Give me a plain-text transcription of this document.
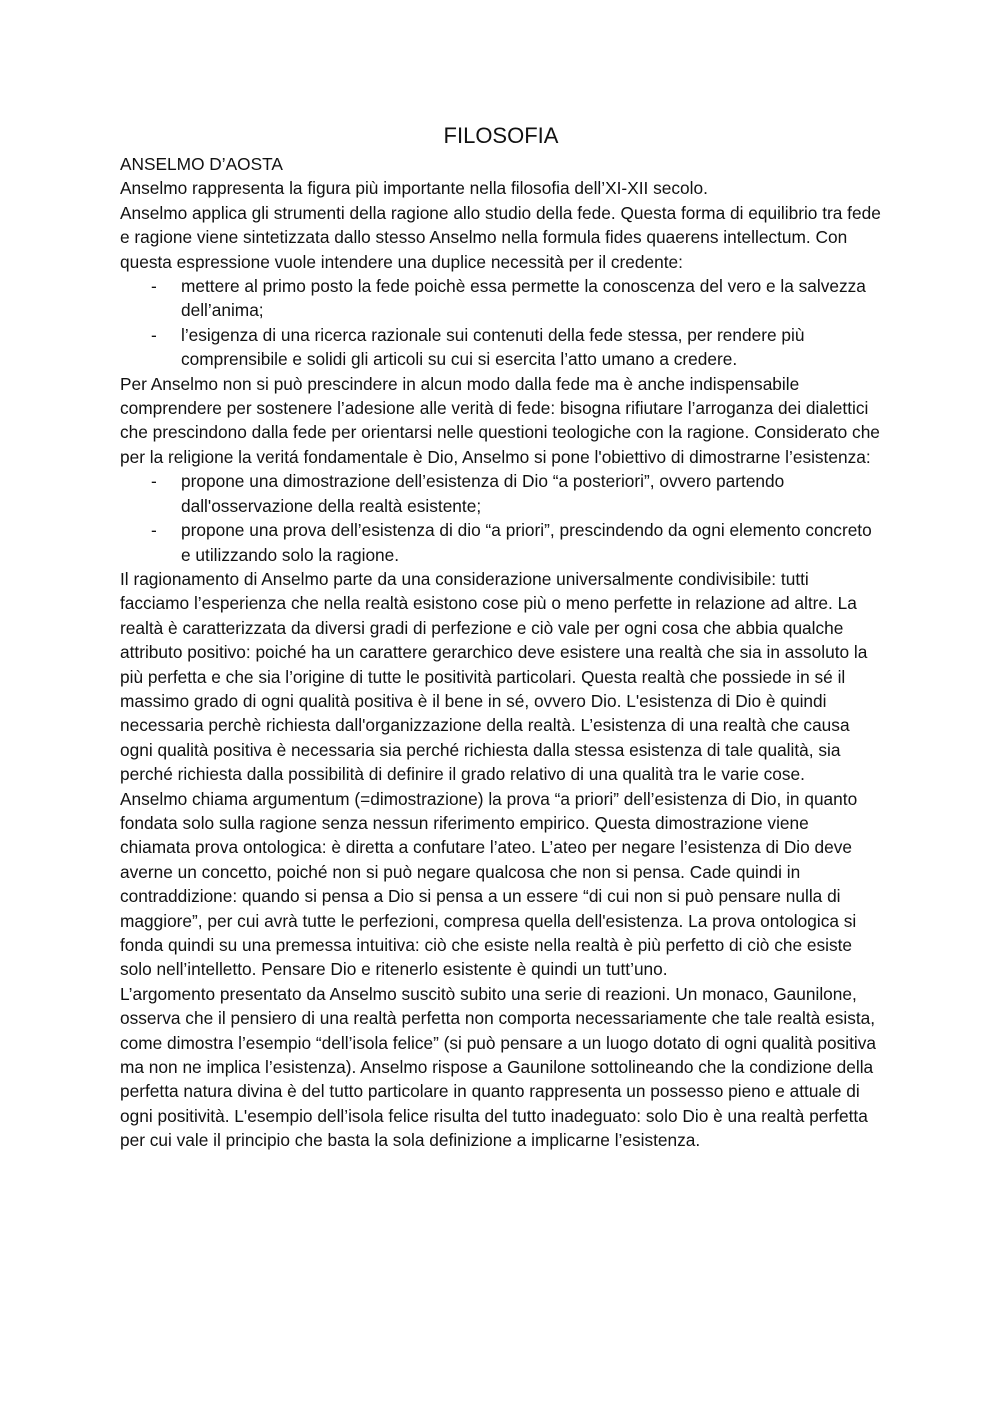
FILOSOFIA

ANSELMO D’AOSTA

Anselmo rappresenta la figura più importante nella filosofia dell’XI-XII secolo.

Anselmo applica gli strumenti della ragione allo studio della fede. Questa forma di equilibrio tra fede e ragione viene sintetizzata dallo stesso Anselmo nella formula fides quaerens intellectum. Con questa espressione vuole intendere una duplice necessità per il credente:

- mettere al primo posto la fede poichè essa permette la conoscenza del vero e la salvezza dell’anima;
- l’esigenza di una ricerca razionale sui contenuti della fede stessa, per rendere più comprensibile e solidi gli articoli su cui si esercita l’atto umano a credere.

Per Anselmo non si può prescindere in alcun modo dalla fede ma è anche indispensabile comprendere per sostenere l’adesione alle verità di fede: bisogna rifiutare l’arroganza dei dialettici che prescindono dalla fede per orientarsi nelle questioni teologiche con la ragione. Considerato che per la religione la veritá fondamentale è Dio, Anselmo si pone l'obiettivo di dimostrarne l’esistenza:

- propone una dimostrazione dell’esistenza di Dio “a posteriori”, ovvero partendo dall'osservazione della realtà esistente;
- propone una prova dell’esistenza di dio “a priori”, prescindendo da ogni elemento concreto e utilizzando solo la ragione.

Il ragionamento di Anselmo parte da una considerazione universalmente condivisibile: tutti facciamo l’esperienza che nella realtà esistono cose più o meno perfette in relazione ad altre. La realtà è caratterizzata da diversi gradi di perfezione e ciò vale per ogni cosa che abbia qualche attributo positivo: poiché ha un carattere gerarchico deve esistere una realtà che sia in assoluto la più perfetta e che sia l’origine di tutte le positività particolari. Questa realtà che possiede in sé il massimo grado di ogni qualità positiva è il bene in sé, ovvero Dio. L'esistenza di Dio è quindi necessaria perchè richiesta dall'organizzazione della realtà. L’esistenza di una realtà che causa ogni qualità positiva è necessaria sia perché richiesta dalla stessa esistenza di tale qualità, sia perché richiesta dalla possibilità di definire il grado relativo di una qualità tra le varie cose.

Anselmo chiama argumentum (=dimostrazione) la prova “a priori” dell’esistenza di Dio, in quanto fondata solo sulla ragione senza nessun riferimento empirico. Questa dimostrazione viene chiamata prova ontologica: è diretta a confutare l’ateo. L’ateo per negare l’esistenza di Dio deve averne un concetto, poiché non si può negare qualcosa che non si pensa. Cade quindi in contraddizione: quando si pensa a Dio si pensa a un essere “di cui non si può pensare nulla di maggiore”, per cui avrà tutte le perfezioni, compresa quella dell'esistenza. La prova ontologica si fonda quindi su una premessa intuitiva: ciò che esiste nella realtà è più perfetto di ciò che esiste solo nell’intelletto. Pensare Dio e ritenerlo esistente è quindi un tutt’uno.

L’argomento presentato da Anselmo suscitò subito una serie di reazioni. Un monaco, Gaunilone, osserva che il pensiero di una realtà perfetta non comporta necessariamente che tale realtà esista, come dimostra l’esempio “dell’isola felice” (si può pensare a un luogo dotato di ogni qualità positiva ma non ne implica l’esistenza). Anselmo rispose a Gaunilone sottolineando che la condizione della perfetta natura divina è del tutto particolare in quanto rappresenta un possesso pieno e attuale di ogni positività. L'esempio dell’isola felice risulta del tutto inadeguato: solo Dio è una realtà perfetta per cui vale il principio che basta la sola definizione a implicarne l’esistenza.
